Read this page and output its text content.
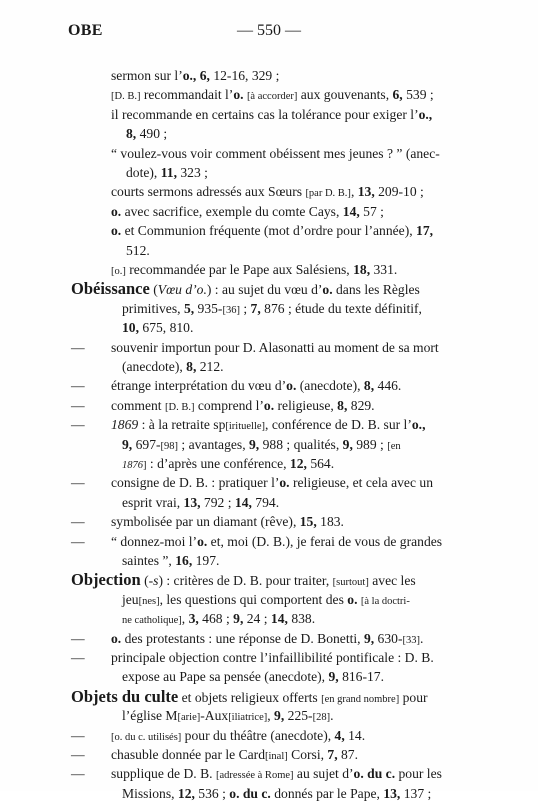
OBE	— 550 —
sermon sur l’o., 6, 12-16, 329 ;
[D. B.] recommandait l’o. [à accorder] aux gouvenants, 6, 539 ;
il recommande en certains cas la tolérance pour exiger l’o.,
8, 490 ;
“ voulez-vous voir comment obéissent mes jeunes ? ” (anec-
dote), 11, 323 ;
courts sermons adressés aux Sœurs [par D. B.], 13, 209-10 ;
o. avec sacrifice, exemple du comte Cays, 14, 57 ;
o. et Communion fréquente (mot d’ordre pour l’année), 17,
512.
[o.] recommandée par le Pape aux Salésiens, 18, 331.
Obéissance (Vœu d’o.) : au sujet du vœu d’o. dans les Règles
primitives, 5, 935-[36] ; 7, 876 ; étude du texte définitif,
10, 675, 810.
— souvenir importun pour D. Alasonatti au moment de sa mort
(anecdote), 8, 212.
— étrange interprétation du vœu d’o. (anecdote), 8, 446.
— comment [D. B.] comprend l’o. religieuse, 8, 829.
— 1869 : à la retraite sp[irituelle], conférence de D. B. sur l’o.,
9, 697-[98] ; avantages, 9, 988 ; qualités, 9, 989 ; [en
1876] : d’après une conférence, 12, 564.
— consigne de D. B. : pratiquer l’o. religieuse, et cela avec un
esprit vrai, 13, 792 ; 14, 794.
— symbolisée par un diamant (rêve), 15, 183.
— “ donnez-moi l’o. et, moi (D. B.), je ferai de vous de grandes
saintes ”, 16, 197.
Objection (-s) : critères de D. B. pour traiter, [surtout] avec les
jeu[nes], les questions qui comportent des o. [à la doctri-
ne catholique], 3, 468 ; 9, 24 ; 14, 838.
— o. des protestants : une réponse de D. Bonetti, 9, 630-[33].
— principale objection contre l’infaillibilité pontificale : D. B.
expose au Pape sa pensée (anecdote), 9, 816-17.
Objets du culte et objets religieux offerts [en grand nombre] pour
l’église M[arie]-Aux[iliatrice], 9, 225-[28].
—	[o. du c. utilisés] pour du théâtre (anecdote), 4, 14.
— chasuble donnée par le Card[inal] Corsi, 7, 87.
— supplique de D. B. [adressée à Rome] au sujet d’o. du c. pour les
Missions, 12, 536 ; o. du c. donnés par le Pape, 13, 137 ;
